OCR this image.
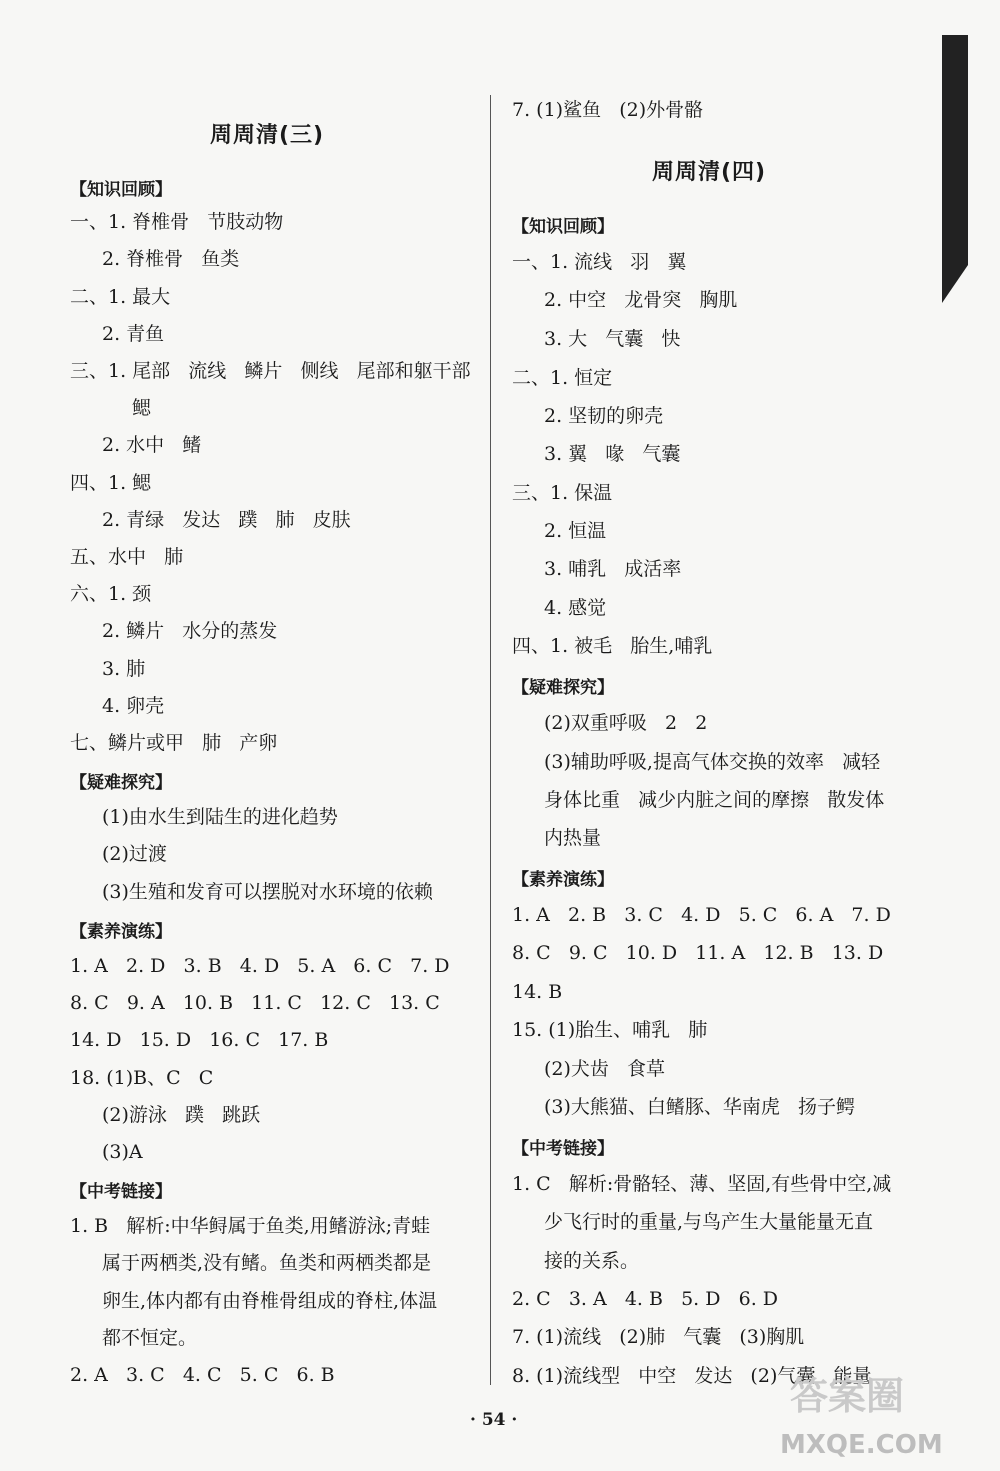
周周清(三)
【知识回顾】
一、1. 脊椎骨   节肢动物
2. 脊椎骨   鱼类
二、1. 最大
2. 青鱼
三、1. 尾部   流线   鳞片   侧线   尾部和躯干部
鳃
2. 水中   鳍
四、1. 鳃
2. 青绿   发达   蹼   肺   皮肤
五、水中   肺
六、1. 颈
2. 鳞片   水分的蒸发
3. 肺
4. 卵壳
七、鳞片或甲   肺   产卵
【疑难探究】
(1)由水生到陆生的进化趋势
(2)过渡
(3)生殖和发育可以摆脱对水环境的依赖
【素养演练】
1. A   2. D   3. B   4. D   5. A   6. C   7. D
8. C   9. A   10. B   11. C   12. C   13. C
14. D   15. D   16. C   17. B
18. (1)B、C   C
(2)游泳   蹼   跳跃
(3)A
【中考链接】
1. B   解析:中华鲟属于鱼类,用鳍游泳;青蛙
属于两栖类,没有鳍。鱼类和两栖类都是
卵生,体内都有由脊椎骨组成的脊柱,体温
都不恒定。
2. A   3. C   4. C   5. C   6. B
7. (1)鲨鱼   (2)外骨骼
周周清(四)
【知识回顾】
一、1. 流线   羽   翼
2. 中空   龙骨突   胸肌
3. 大   气囊   快
二、1. 恒定
2. 坚韧的卵壳
3. 翼   喙   气囊
三、1. 保温
2. 恒温
3. 哺乳   成活率
4. 感觉
四、1. 被毛   胎生,哺乳
【疑难探究】
(2)双重呼吸   2   2
(3)辅助呼吸,提高气体交换的效率   减轻
身体比重   减少内脏之间的摩擦   散发体
内热量
【素养演练】
1. A   2. B   3. C   4. D   5. C   6. A   7. D
8. C   9. C   10. D   11. A   12. B   13. D
14. B
15. (1)胎生、哺乳   肺
(2)犬齿   食草
(3)大熊猫、白鳍豚、华南虎   扬子鳄
【中考链接】
1. C   解析:骨骼轻、薄、坚固,有些骨中空,减
少飞行时的重量,与鸟产生大量能量无直
接的关系。
2. C   3. A   4. B   5. D   6. D
7. (1)流线   (2)肺   气囊   (3)胸肌
8. (1)流线型   中空   发达   (2)气囊   能量
· 54 ·
答案圈
MXQE.COM
